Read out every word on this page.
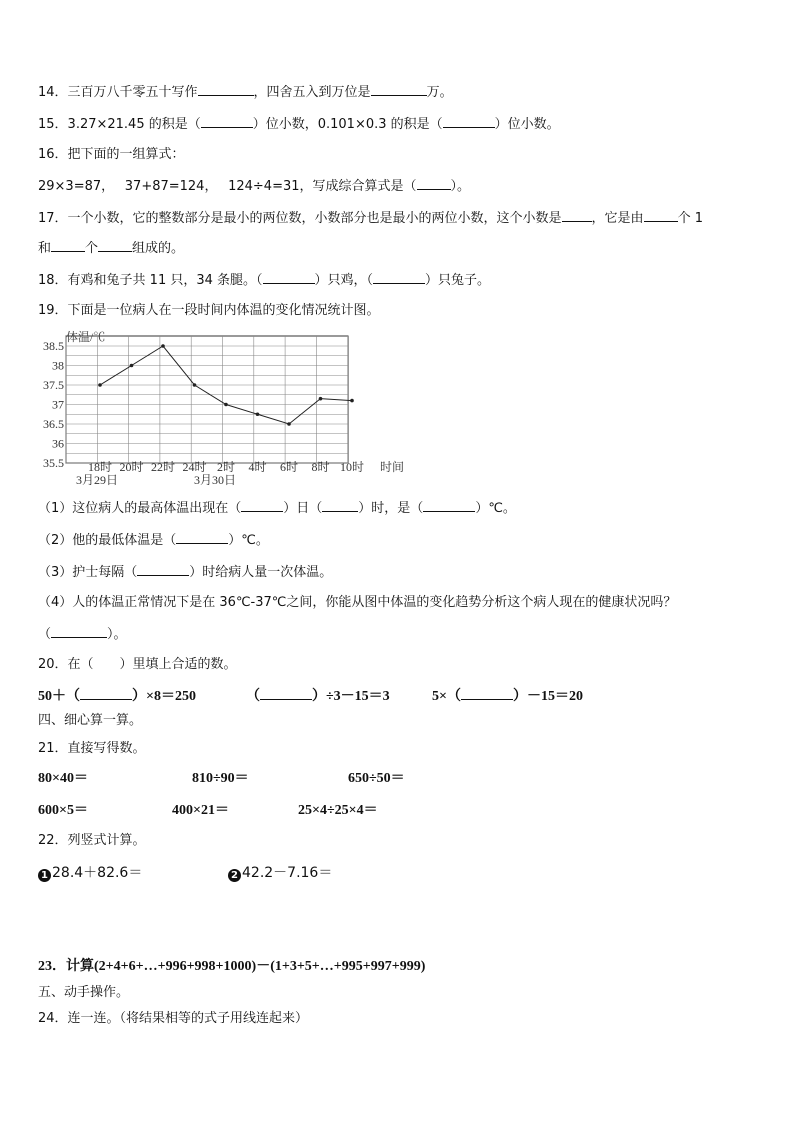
14．三百万八千零五十写作	，四舍五入到万位是	万。
15．3.27×21.45 的积是（	）位小数，0.101×0.3 的积是（	）位小数。
16．把下面的一组算式：
29×3=87，　 37+87=124，　 124÷4=31，写成综合算式是（	）。
17．一个小数，它的整数部分是最小的两位数，小数部分也是最小的两位小数，这个小数是 ，它是由	个 1
和	个	组成的。
18．有鸡和兔子共 11 只，34 条腿。（	）只鸡，（	）只兔子。
19．下面是一位病人在一段时间内体温的变化情况统计图。
38.5
38
37.5
37
36.5
36
35.5 18时 20时 22时 24时 2时 4时 6时 8时 10时
体温/℃
时间
3月29日	3月30日
（1）这位病人的最高体温出现在（	）日（	）时，是（	）℃。
（2）他的最低体温是（	）℃。
（3）护士每隔（	）时给病人量一次体温。
（4）人的体温正常情况下是在 36℃-37℃之间，你能从图中体温的变化趋势分析这个病人现在的健康状况吗？
（	）。
20．在（　　）里填上合适的数。
50＋（	）×8＝250	（	）÷3－15＝3	5×（	）－15＝20
四、细心算一算。
21．直接写得数。
80×40＝	810÷90＝	650÷50＝
600×5＝	400×21＝	25×4÷25×4＝
22．列竖式计算。
1 28.4＋82.6＝	2 42.2－7.16＝
23．计算(2+4+6+…+996+998+1000)－(1+3+5+…+995+997+999)
五、动手操作。
24．连一连。（将结果相等的式子用线连起来）
